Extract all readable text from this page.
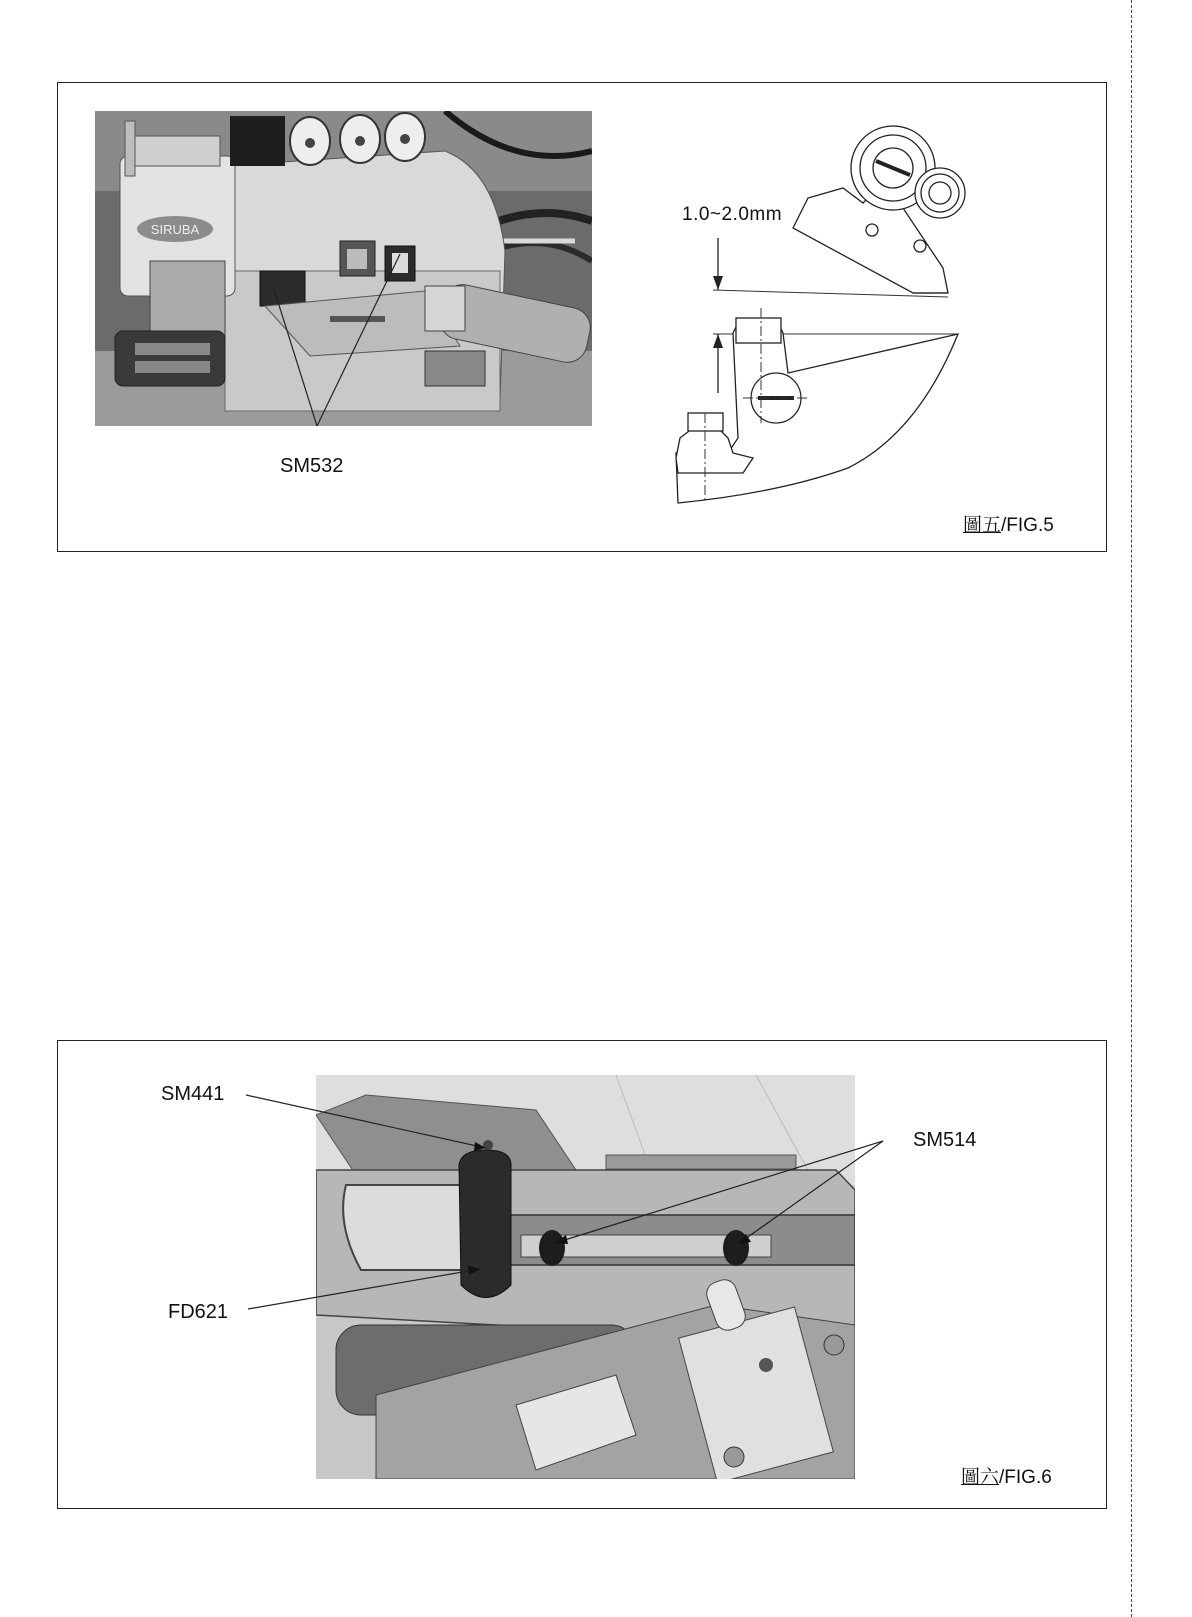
SIRUBA
SM532
1.0~2.0mm
圖五/FIG.5
SM441
SM514
FD621
圖六/FIG.6
